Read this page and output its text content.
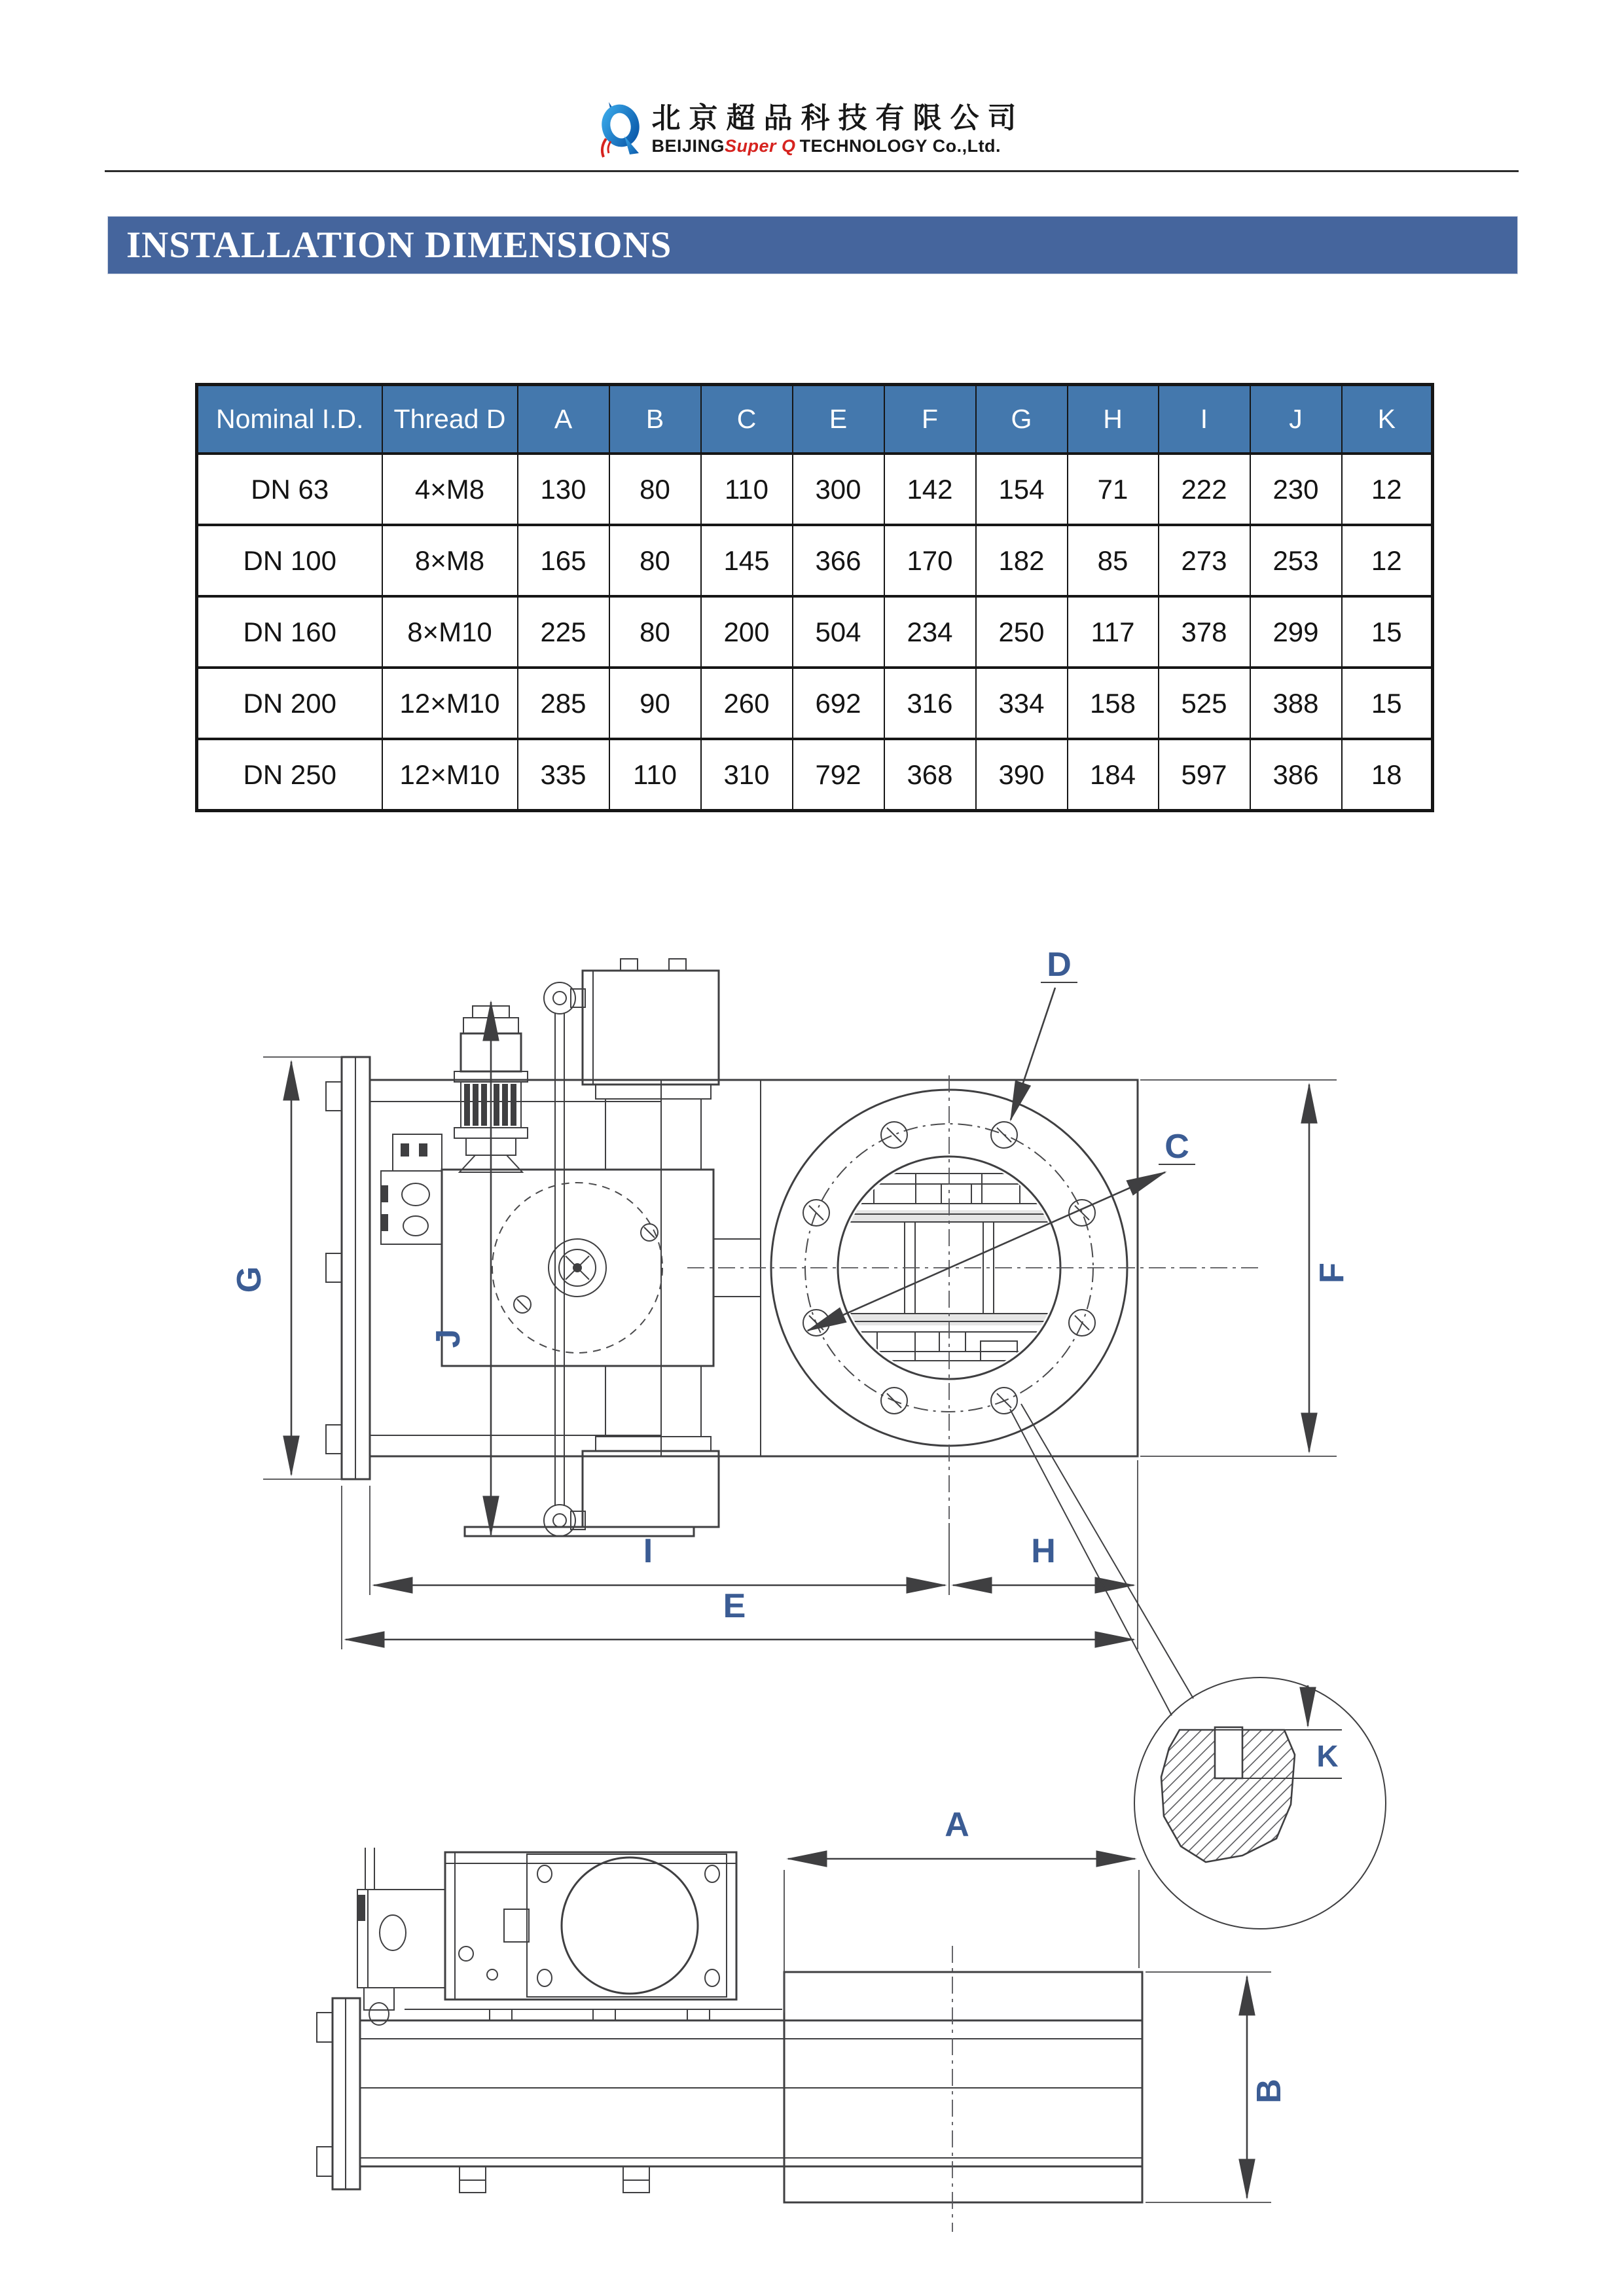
北京超品科技有限公司
BEIJINGSuper Q TECHNOLOGY Co.,Ltd.
INSTALLATION DIMENSIONS
Nominal I.D.	Thread D	A	B	C	E	F	G	H	I	J	K
DN 63	4×M8	130	80	110	300	142	154	71	222	230	12
DN 100	8×M8	165	80	145	366	170	182	85	273	253	12
DN 160	8×M10	225	80	200	504	234	250	117	378	299	15
DN 200	12×M10	285	90	260	692	316	334	158	525	388	15
DN 250	12×M10	335	110	310	792	368	390	184	597	386	18
G
J
D
C
F
I	H
E
K
A
B
